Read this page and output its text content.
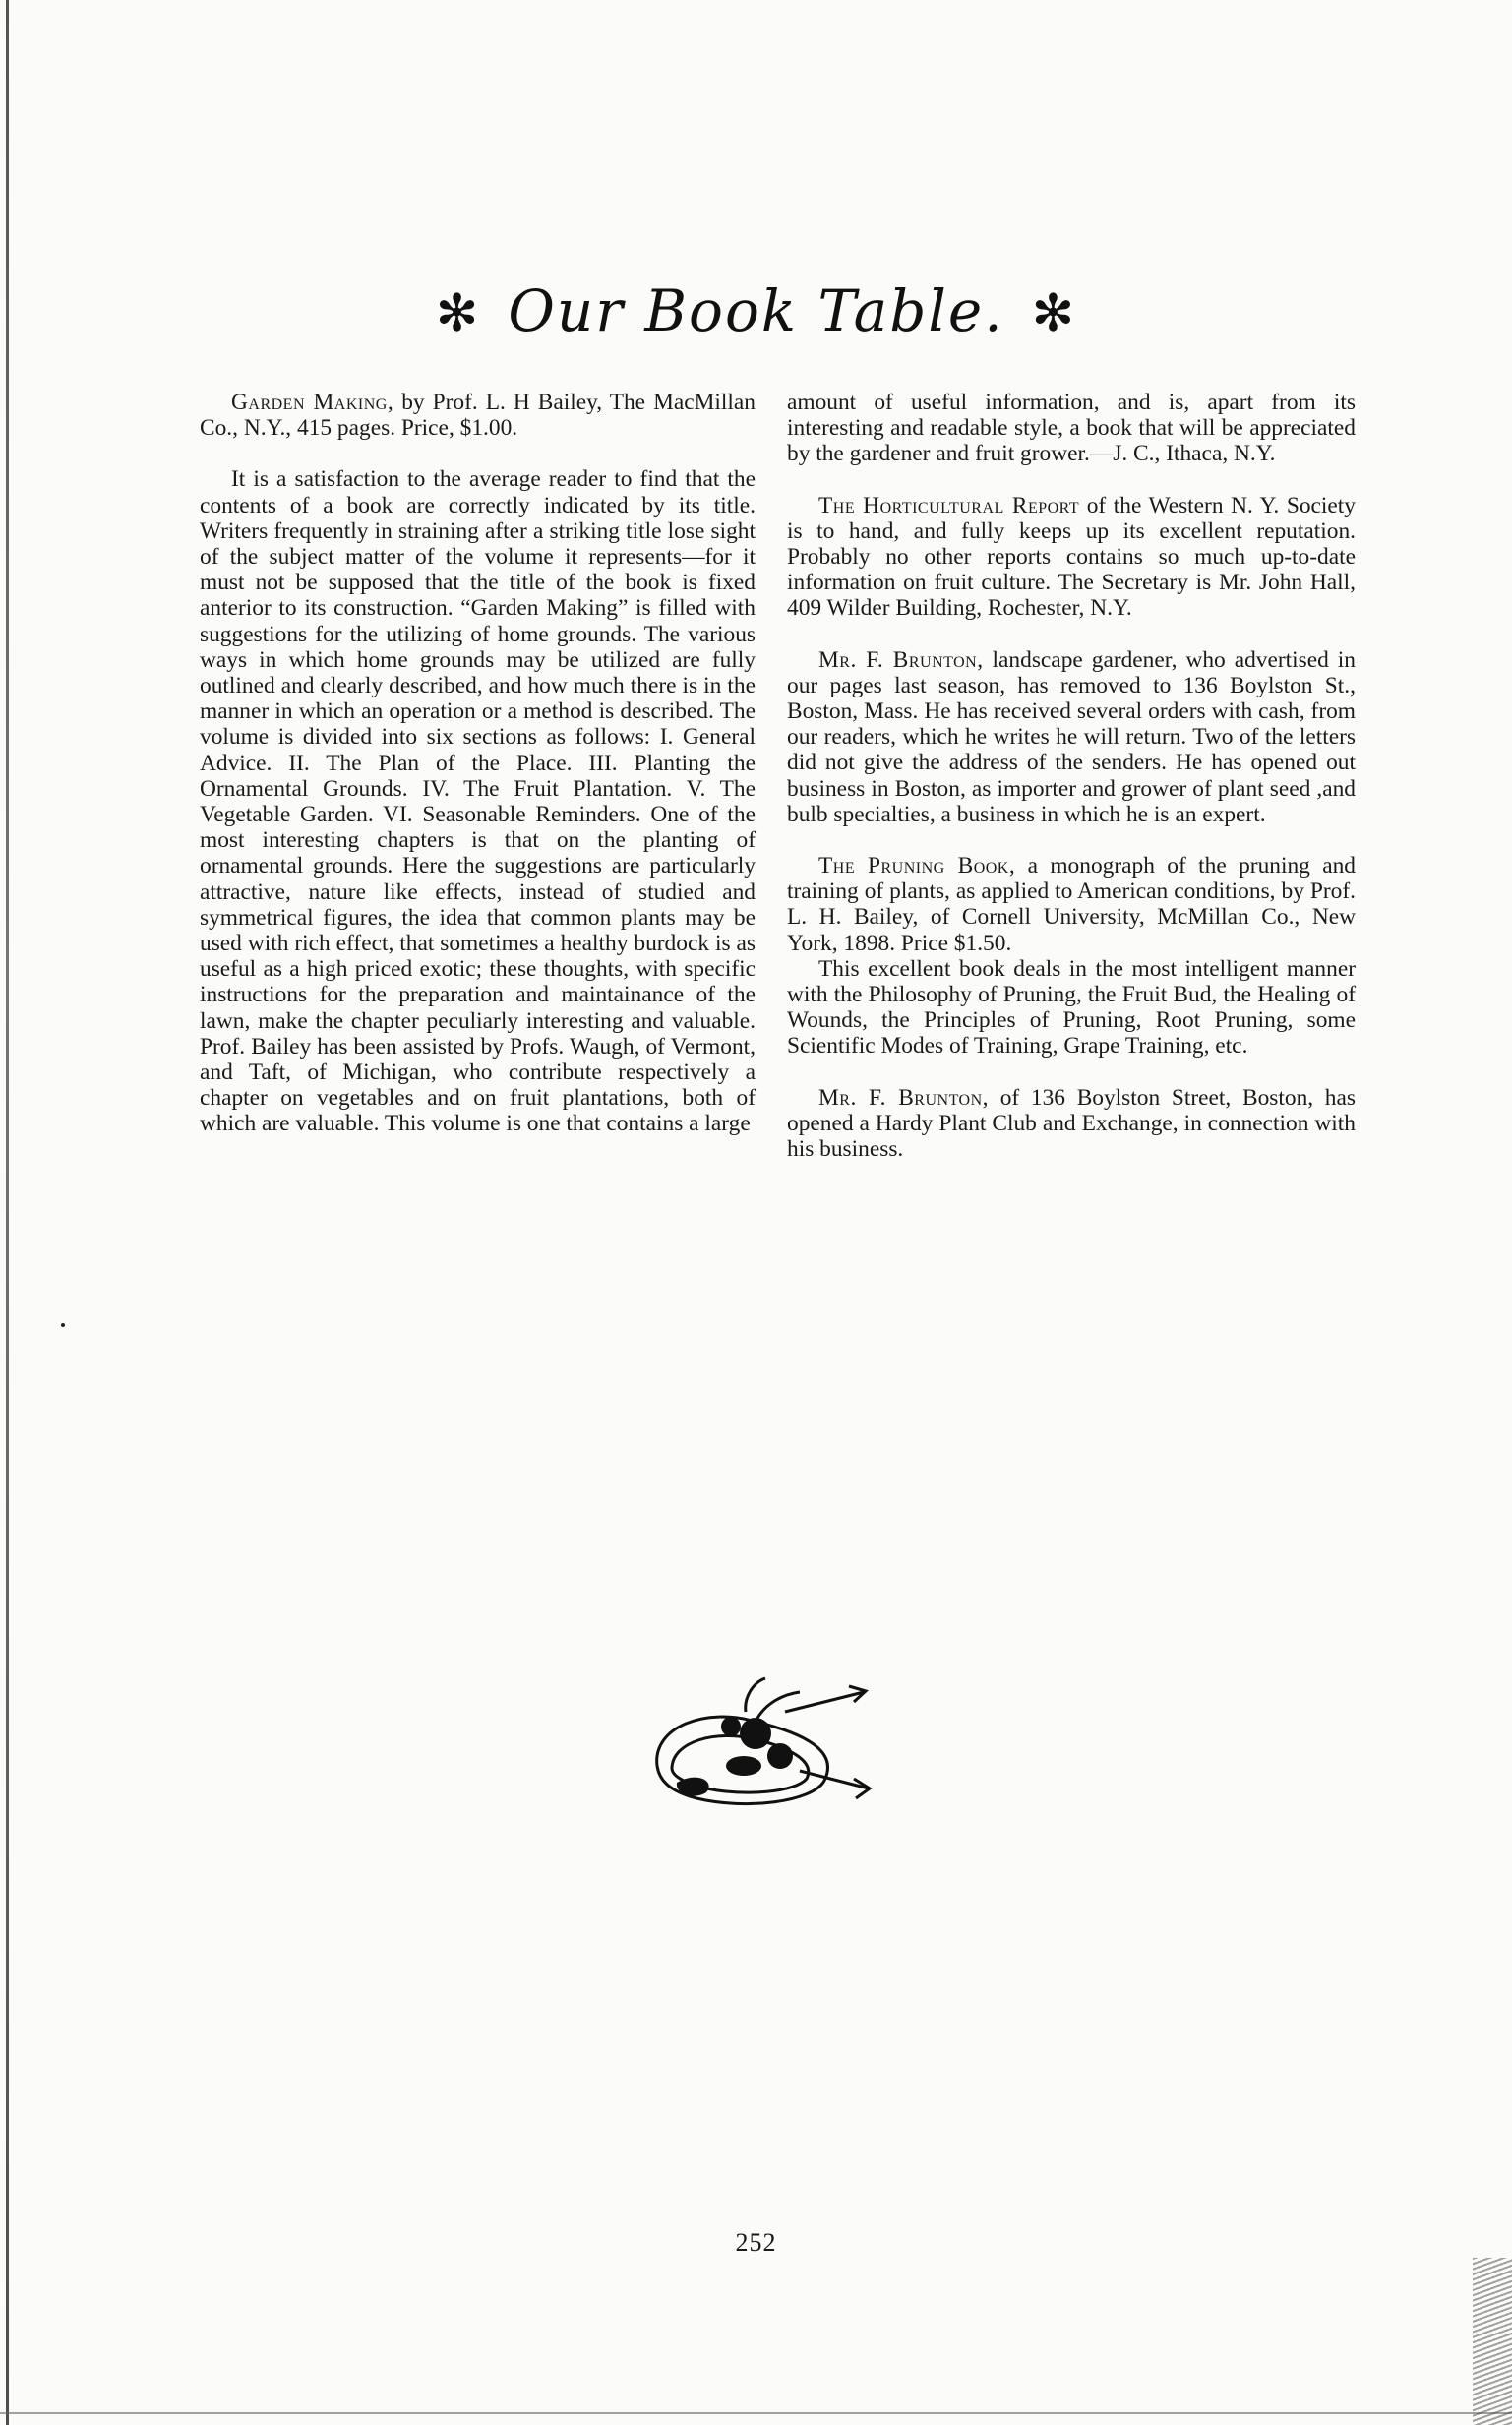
✻ Our Book Table. ✻

Garden Making, by Prof. L. H Bailey, The MacMillan Co., N.Y., 415 pages. Price, $1.00.

It is a satisfaction to the average reader to find that the contents of a book are correctly indicated by its title. Writers frequently in straining after a striking title lose sight of the subject matter of the volume it represents—for it must not be supposed that the title of the book is fixed anterior to its construction. “Garden Making” is filled with suggestions for the utilizing of home grounds. The various ways in which home grounds may be utilized are fully outlined and clearly described, and how much there is in the manner in which an operation or a method is described. The volume is divided into six sections as follows: I. General Advice. II. The Plan of the Place. III. Planting the Ornamental Grounds. IV. The Fruit Plantation. V. The Vegetable Garden. VI. Seasonable Reminders. One of the most interesting chapters is that on the planting of ornamental grounds. Here the suggestions are particularly attractive, nature like effects, instead of studied and symmetrical figures, the idea that common plants may be used with rich effect, that sometimes a healthy burdock is as useful as a high priced exotic; these thoughts, with specific instructions for the preparation and maintainance of the lawn, make the chapter peculiarly interesting and valuable. Prof. Bailey has been assisted by Profs. Waugh, of Vermont, and Taft, of Michigan, who contribute respectively a chapter on vegetables and on fruit plantations, both of which are valuable. This volume is one that contains a large

amount of useful information, and is, apart from its interesting and readable style, a book that will be appreciated by the gardener and fruit grower.—J. C., Ithaca, N.Y.

The Horticultural Report of the Western N. Y. Society is to hand, and fully keeps up its excellent reputation. Probably no other reports contains so much up-to-date information on fruit culture. The Secretary is Mr. John Hall, 409 Wilder Building, Rochester, N.Y.

Mr. F. Brunton, landscape gardener, who advertised in our pages last season, has removed to 136 Boylston St., Boston, Mass. He has received several orders with cash, from our readers, which he writes he will return. Two of the letters did not give the address of the senders. He has opened out business in Boston, as importer and grower of plant seed ,and bulb specialties, a business in which he is an expert.

The Pruning Book, a monograph of the pruning and training of plants, as applied to American conditions, by Prof. L. H. Bailey, of Cornell University, McMillan Co., New York, 1898. Price $1.50.

This excellent book deals in the most intelligent manner with the Philosophy of Pruning, the Fruit Bud, the Healing of Wounds, the Principles of Pruning, Root Pruning, some Scientific Modes of Training, Grape Training, etc.

Mr. F. Brunton, of 136 Boylston Street, Boston, has opened a Hardy Plant Club and Exchange, in connection with his business.

252
